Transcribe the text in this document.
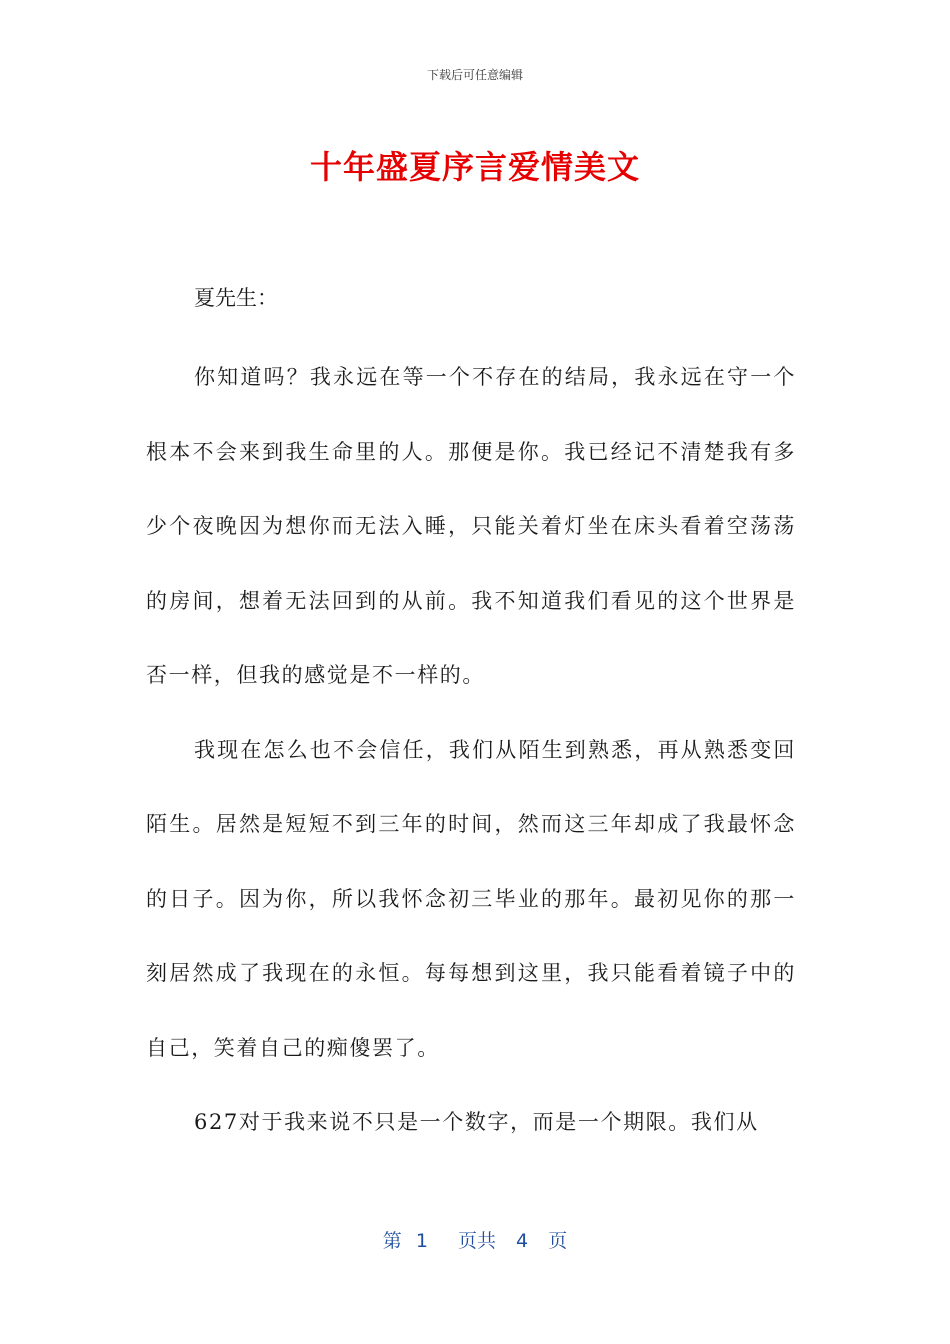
下载后可任意编辑
十年盛夏序言爱情美文
夏先生：

你知道吗？我永远在等一个不存在的结局，我永远在守一个根本不会来到我生命里的人。那便是你。我已经记不清楚我有多少个夜晚因为想你而无法入睡，只能关着灯坐在床头看着空荡荡的房间，想着无法回到的从前。我不知道我们看见的这个世界是否一样，但我的感觉是不一样的。

我现在怎么也不会信任，我们从陌生到熟悉，再从熟悉变回陌生。居然是短短不到三年的时间，然而这三年却成了我最怀念的日子。因为你，所以我怀念初三毕业的那年。最初见你的那一刻居然成了我现在的永恒。每每想到这里，我只能看着镜子中的自己，笑着自己的痴傻罢了。

627对于我来说不只是一个数字，而是一个期限。我们从

第 1 页共 4 页
